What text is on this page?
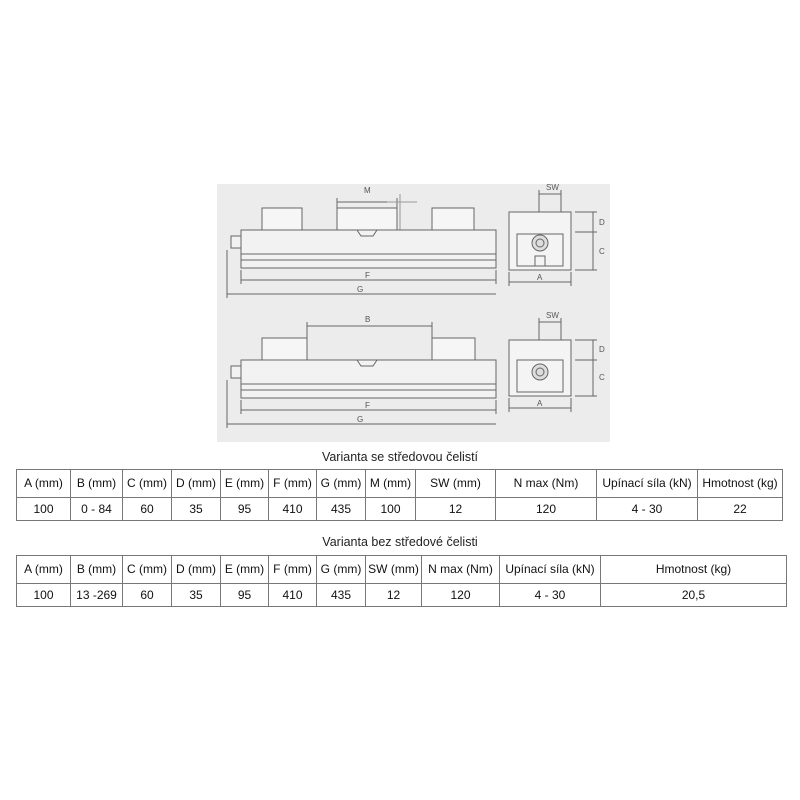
M
F
G
SW
D
C
A
B
F
G
SW
D
C
A
Varianta se středovou čelistí
A (mm)	B (mm)	C (mm)	D (mm)	E (mm)	F (mm)	G (mm)	M (mm)	SW (mm)	N max (Nm)	Upínací síla (kN)	Hmotnost (kg)
100	0 - 84	60	35	95	410	435	100	12	120	4 - 30	22
Varianta bez středové čelisti
A (mm)	B (mm)	C (mm)	D (mm)	E (mm)	F (mm)	G (mm)	SW (mm)	N max (Nm)	Upínací síla (kN)	Hmotnost (kg)
100	13 -269	60	35	95	410	435	12	120	4 - 30	20,5
